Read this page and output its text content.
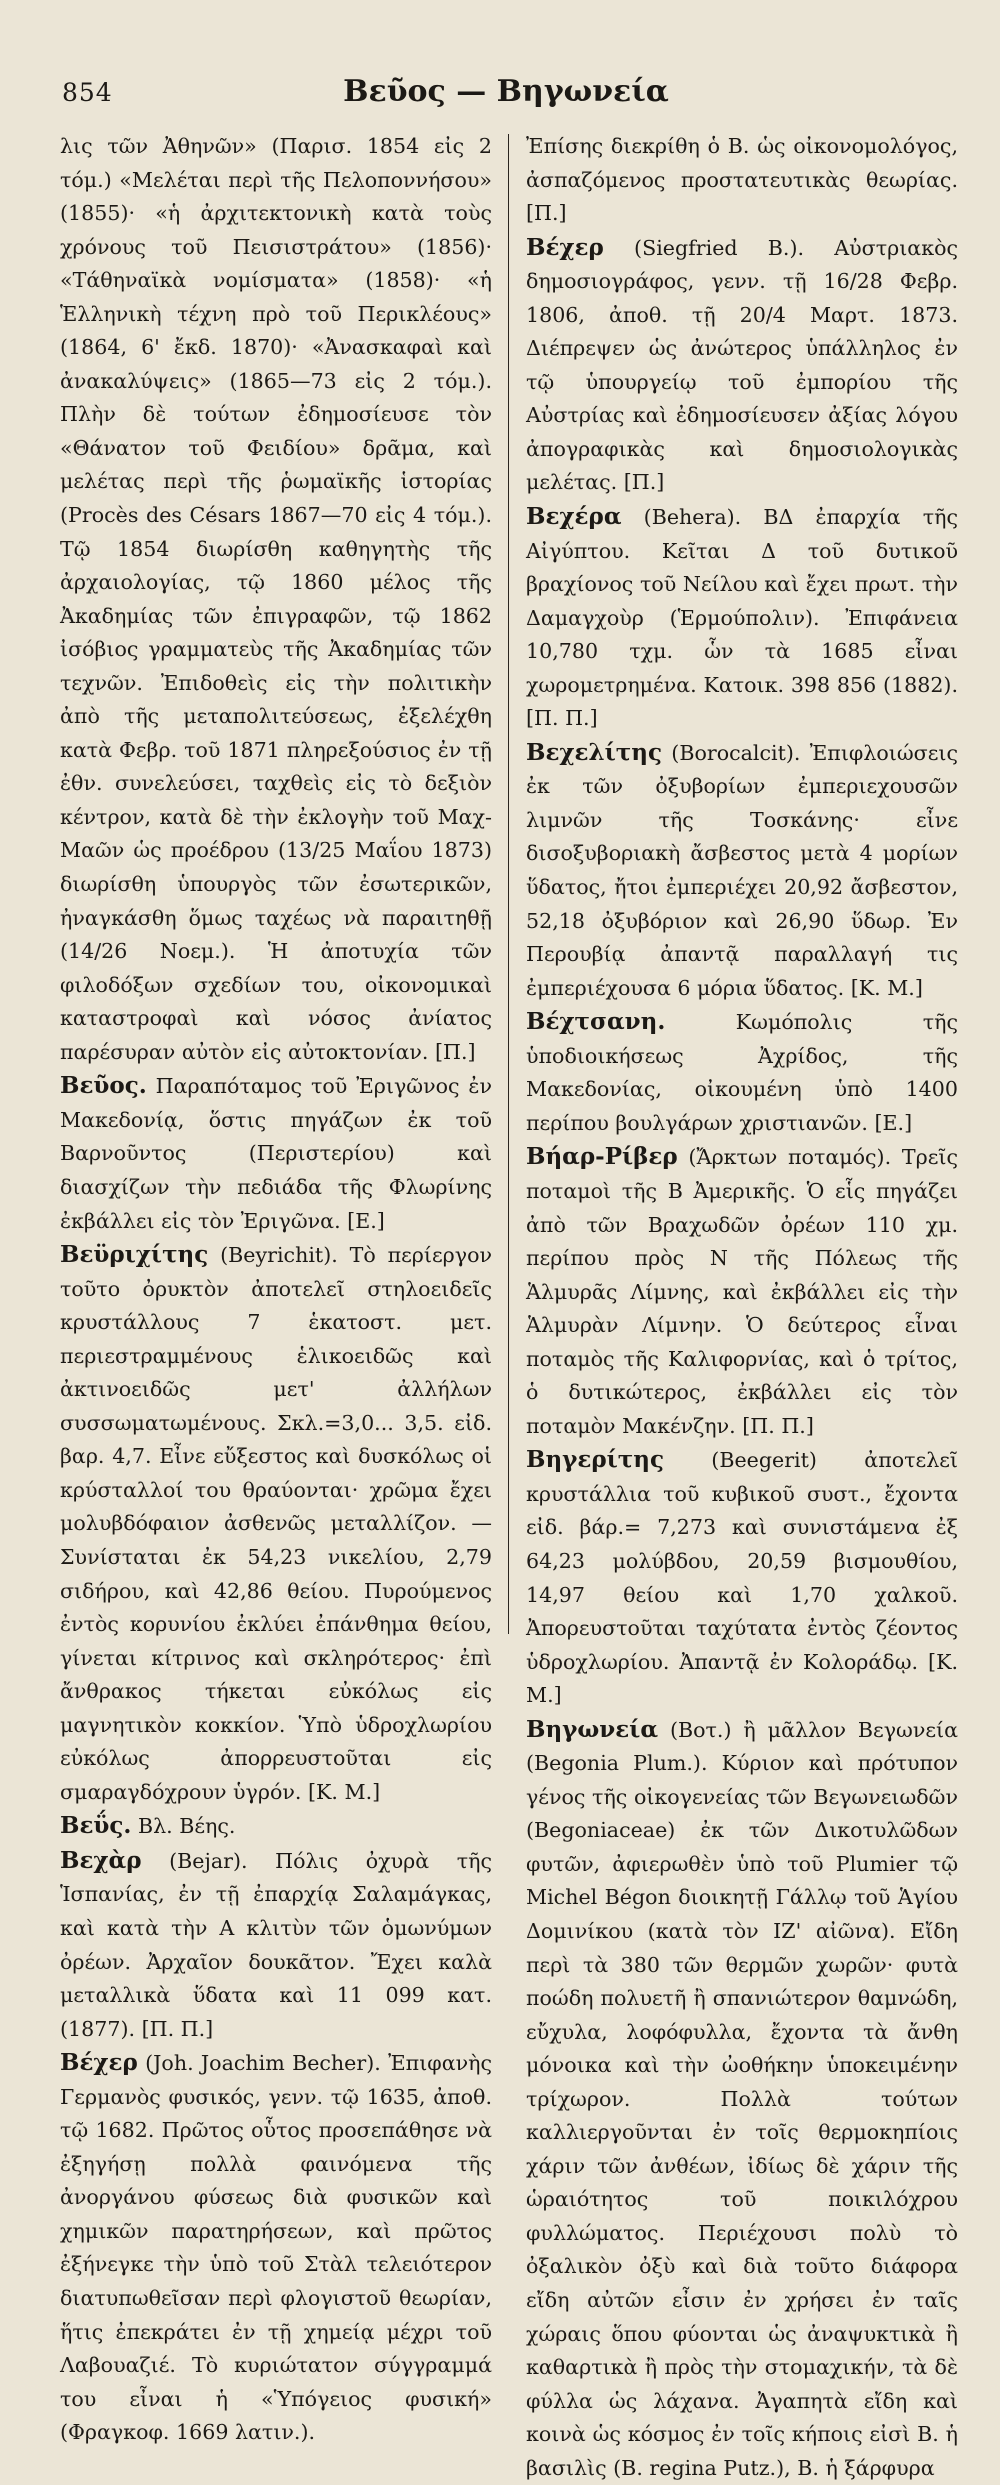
854	Βεῦος — Βηγωνεία

λις τῶν Ἀθηνῶν» (Παρισ. 1854 εἰς 2 τόμ.) «Μελέται περὶ τῆς Πελοποννήσου» (1855)· «ἡ ἀρχιτεκτονικὴ κατὰ τοὺς χρόνους τοῦ Πεισιστράτου» (1856)· «Τάθηναϊκὰ νομίσματα» (1858)· «ἡ Ἑλληνικὴ τέχνη πρὸ τοῦ Περικλέους» (1864, 6' ἔκδ. 1870)· «Ἀνασκαφαὶ καὶ ἀνακαλύψεις» (1865—73 εἰς 2 τόμ.). Πλὴν δὲ τούτων ἐδημοσίευσε τὸν «Θάνατον τοῦ Φειδίου» δρᾶμα, καὶ μελέτας περὶ τῆς ῥωμαϊκῆς ἱστορίας (Procès des Césars 1867—70 εἰς 4 τόμ.). Τῷ 1854 διωρίσθη καθηγητὴς τῆς ἀρχαιολογίας, τῷ 1860 μέλος τῆς Ἀκαδημίας τῶν ἐπιγραφῶν, τῷ 1862 ἰσόβιος γραμματεὺς τῆς Ἀκαδημίας τῶν τεχνῶν. Ἐπιδοθεὶς εἰς τὴν πολιτικὴν ἀπὸ τῆς μεταπολιτεύσεως, ἐξελέχθη κατὰ Φεβρ. τοῦ 1871 πληρεξούσιος ἐν τῇ ἐθν. συνελεύσει, ταχθεὶς εἰς τὸ δεξιὸν κέντρον, κατὰ δὲ τὴν ἐκλογὴν τοῦ Μαχ-Μαῶν ὡς προέδρου (13/25 Μαΐου 1873) διωρίσθη ὑπουργὸς τῶν ἐσωτερικῶν, ἠναγκάσθη ὅμως ταχέως νὰ παραιτηθῇ (14/26 Νοεμ.). Ἡ ἀποτυχία τῶν φιλοδόξων σχεδίων του, οἰκονομικαὶ καταστροφαὶ καὶ νόσος ἀνίατος παρέσυραν αὐτὸν εἰς αὐτοκτονίαν. [Π.]

Βεῦος. Παραπόταμος τοῦ Ἐριγῶνος ἐν Μακεδονίᾳ, ὅστις πηγάζων ἐκ τοῦ Βαρνοῦντος (Περιστερίου) καὶ διασχίζων τὴν πεδιάδα τῆς Φλωρίνης ἐκβάλλει εἰς τὸν Ἐριγῶνα. [Ε.]

Βεϋριχίτης (Beyrichit). Τὸ περίεργον τοῦτο ὀρυκτὸν ἀποτελεῖ στηλοειδεῖς κρυστάλλους 7 ἑκατοστ. μετ. περιεστραμμένους ἑλικοειδῶς καὶ ἀκτινοειδῶς μετ' ἀλλήλων συσσωματωμένους. Σκλ.=3,0... 3,5. εἰδ. βαρ. 4,7. Εἶνε εὔξεστος καὶ δυσκόλως οἱ κρύσταλλοί του θραύονται· χρῶμα ἔχει μολυβδόφαιον ἀσθενῶς μεταλλίζον. — Συνίσταται ἐκ 54,23 νικελίου, 2,79 σιδήρου, καὶ 42,86 θείου. Πυρούμενος ἐντὸς κορυνίου ἐκλύει ἐπάνθημα θείου, γίνεται κίτρινος καὶ σκληρότερος· ἐπὶ ἄνθρακος τήκεται εὐκόλως εἰς μαγνητικὸν κοκκίον. Ὑπὸ ὑδροχλωρίου εὐκόλως ἀπορρευστοῦται εἰς σμαραγδόχρουν ὑγρόν. [Κ. Μ.]

Βεΰς. Βλ. Βέης.

Βεχὰρ (Bejar). Πόλις ὀχυρὰ τῆς Ἱσπανίας, ἐν τῇ ἐπαρχίᾳ Σαλαμάγκας, καὶ κατὰ τὴν Α κλιτὺν τῶν ὁμωνύμων ὀρέων. Ἀρχαῖον δουκᾶτον. Ἔχει καλὰ μεταλλικὰ ὕδατα καὶ 11 099 κατ. (1877). [Π. Π.]

Βέχερ (Joh. Joachim Becher). Ἐπιφανὴς Γερμανὸς φυσικός, γενν. τῷ 1635, ἀποθ. τῷ 1682. Πρῶτος οὗτος προσεπάθησε νὰ ἐξηγήσῃ πολλὰ φαινόμενα τῆς ἀνοργάνου φύσεως διὰ φυσικῶν καὶ χημικῶν παρατηρήσεων, καὶ πρῶτος ἐξήνεγκε τὴν ὑπὸ τοῦ Στὰλ τελειότερον διατυπωθεῖσαν περὶ φλογιστοῦ θεωρίαν, ἥτις ἐπεκράτει ἐν τῇ χημείᾳ μέχρι τοῦ Λαβουαζιέ. Τὸ κυριώτατον σύγγραμμά του εἶναι ἡ «Ὑπόγειος φυσική» (Φραγκοφ. 1669 λατιν.).

Ἐπίσης διεκρίθη ὁ Β. ὡς οἰκονομολόγος, ἀσπαζόμενος προστατευτικὰς θεωρίας. [Π.]

Βέχερ (Siegfried B.). Αὐστριακὸς δημοσιογράφος, γενν. τῇ 16/28 Φεβρ. 1806, ἀποθ. τῇ 20/4 Μαρτ. 1873. Διέπρεψεν ὡς ἀνώτερος ὑπάλληλος ἐν τῷ ὑπουργείῳ τοῦ ἐμπορίου τῆς Αὐστρίας καὶ ἐδημοσίευσεν ἀξίας λόγου ἀπογραφικὰς καὶ δημοσιολογικὰς μελέτας. [Π.]

Βεχέρα (Behera). ΒΔ ἐπαρχία τῆς Αἰγύπτου. Κεῖται Δ τοῦ δυτικοῦ βραχίονος τοῦ Νείλου καὶ ἔχει πρωτ. τὴν Δαμαγχοὺρ (Ἑρμούπολιν). Ἐπιφάνεια 10,780 τχμ. ὧν τὰ 1685 εἶναι χωρομετρημένα. Κατοικ. 398 856 (1882). [Π. Π.]

Βεχελίτης (Borocalcit). Ἐπιφλοιώσεις ἐκ τῶν ὀξυβορίων ἐμπεριεχουσῶν λιμνῶν τῆς Τοσκάνης· εἶνε δισοξυβοριακὴ ἄσβεστος μετὰ 4 μορίων ὕδατος, ἤτοι ἐμπεριέχει 20,92 ἄσβεστον, 52,18 ὀξυβόριον καὶ 26,90 ὕδωρ. Ἐν Περουβίᾳ ἀπαντᾷ παραλλαγή τις ἐμπεριέχουσα 6 μόρια ὕδατος. [Κ. Μ.]

Βέχτσανη. Κωμόπολις τῆς ὑποδιοικήσεως Ἀχρίδος, τῆς Μακεδονίας, οἰκουμένη ὑπὸ 1400 περίπου βουλγάρων χριστιανῶν. [Ε.]

Βήαρ-Ρίβερ (Ἄρκτων ποταμός). Τρεῖς ποταμοὶ τῆς Β Ἀμερικῆς. Ὁ εἷς πηγάζει ἀπὸ τῶν Βραχωδῶν ὀρέων 110 χμ. περίπου πρὸς Ν τῆς Πόλεως τῆς Ἁλμυρᾶς Λίμνης, καὶ ἐκβάλλει εἰς τὴν Ἁλμυρὰν Λίμνην. Ὁ δεύτερος εἶναι ποταμὸς τῆς Καλιφορνίας, καὶ ὁ τρίτος, ὁ δυτικώτερος, ἐκβάλλει εἰς τὸν ποταμὸν Μακένζην. [Π. Π.]

Βηγερίτης (Beegerit) ἀποτελεῖ κρυστάλλια τοῦ κυβικοῦ συστ., ἔχοντα εἰδ. βάρ.= 7,273 καὶ συνιστάμενα ἐξ 64,23 μολύβδου, 20,59 βισμουθίου, 14,97 θείου καὶ 1,70 χαλκοῦ. Ἀπορευστοῦται ταχύτατα ἐντὸς ζέοντος ὑδροχλωρίου. Ἀπαντᾷ ἐν Κολοράδῳ. [Κ. Μ.]

Βηγωνεία (Βοτ.) ἢ μᾶλλον Βεγωνεία (Begonia Plum.). Κύριον καὶ πρότυπον γένος τῆς οἰκογενείας τῶν Βεγωνειωδῶν (Begoniaceae) ἐκ τῶν Δικοτυλῶδων φυτῶν, ἀφιερωθὲν ὑπὸ τοῦ Plumier τῷ Michel Bégon διοικητῇ Γάλλῳ τοῦ Ἁγίου Δομινίκου (κατὰ τὸν ΙΖ' αἰῶνα). Εἴδη περὶ τὰ 380 τῶν θερμῶν χωρῶν· φυτὰ ποώδη πολυετῆ ἢ σπανιώτερον θαμνώδη, εὔχυλα, λοφόφυλλα, ἔχοντα τὰ ἄνθη μόνοικα καὶ τὴν ὠοθήκην ὑποκειμένην τρίχωρον. Πολλὰ τούτων καλλιεργοῦνται ἐν τοῖς θερμοκηπίοις χάριν τῶν ἀνθέων, ἰδίως δὲ χάριν τῆς ὡραιότητος τοῦ ποικιλόχρου φυλλώματος. Περιέχουσι πολὺ τὸ ὀξαλικὸν ὀξὺ καὶ διὰ τοῦτο διάφορα εἴδη αὐτῶν εἶσιν ἐν χρήσει ἐν ταῖς χώραις ὅπου φύονται ὡς ἀναψυκτικὰ ἢ καθαρτικὰ ἢ πρὸς τὴν στομαχικήν, τὰ δὲ φύλλα ὡς λάχανα. Ἀγαπητὰ εἴδη καὶ κοινὰ ὡς κόσμος ἐν τοῖς κήποις εἰσὶ Β. ἡ βασιλὶς (B. regina Putz.), Β. ἡ ξάρφυρα
